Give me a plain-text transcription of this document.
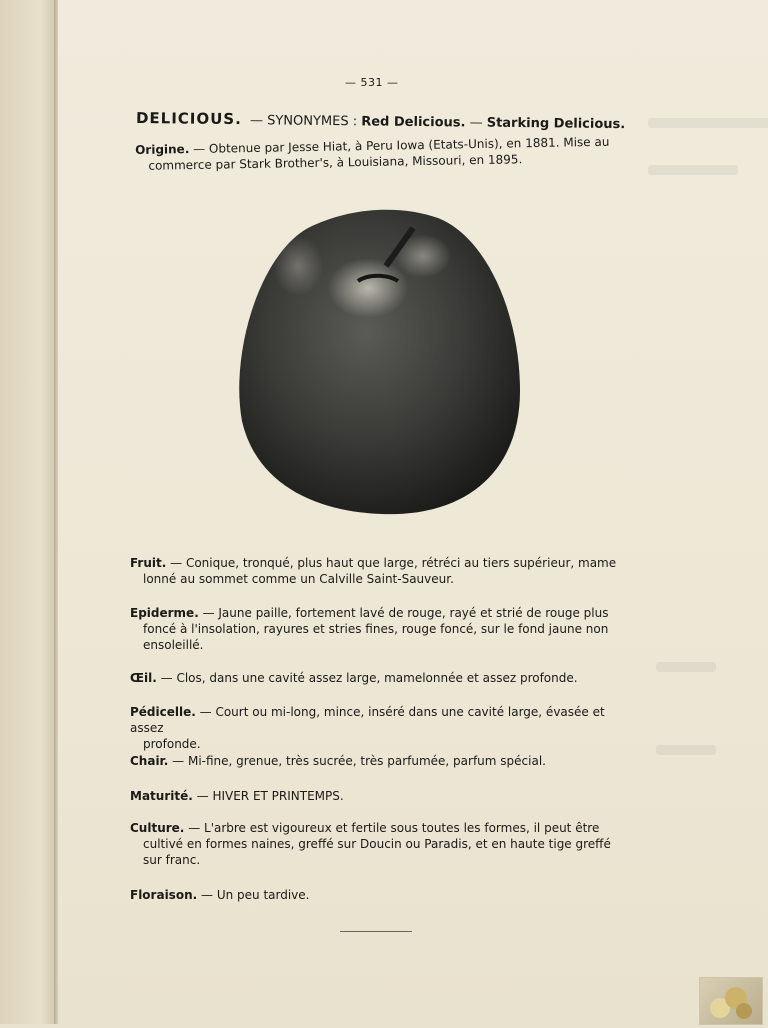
— 531 —
DELICIOUS. — SYNONYMES : Red Delicious. — Starking Delicious.
Origine. — Obtenue par Jesse Hiat, à Peru Iowa (Etats-Unis), en 1881. Mise au
commerce par Stark Brother's, à Louisiana, Missouri, en 1895.
Fruit. — Conique, tronqué, plus haut que large, rétréci au tiers supérieur, mame
lonné au sommet comme un Calville Saint-Sauveur.
Epiderme. — Jaune paille, fortement lavé de rouge, rayé et strié de rouge plus
foncé à l'insolation, rayures et stries fines, rouge foncé, sur le fond jaune non
ensoleillé.
Œil. — Clos, dans une cavité assez large, mamelonnée et assez profonde.
Pédicelle. — Court ou mi-long, mince, inséré dans une cavité large, évasée et assez
profonde.
Chair. — Mi-fine, grenue, très sucrée, très parfumée, parfum spécial.
Maturité. — HIVER ET PRINTEMPS.
Culture. — L'arbre est vigoureux et fertile sous toutes les formes, il peut être
cultivé en formes naines, greffé sur Doucin ou Paradis, et en haute tige greffé
sur franc.
Floraison. — Un peu tardive.
